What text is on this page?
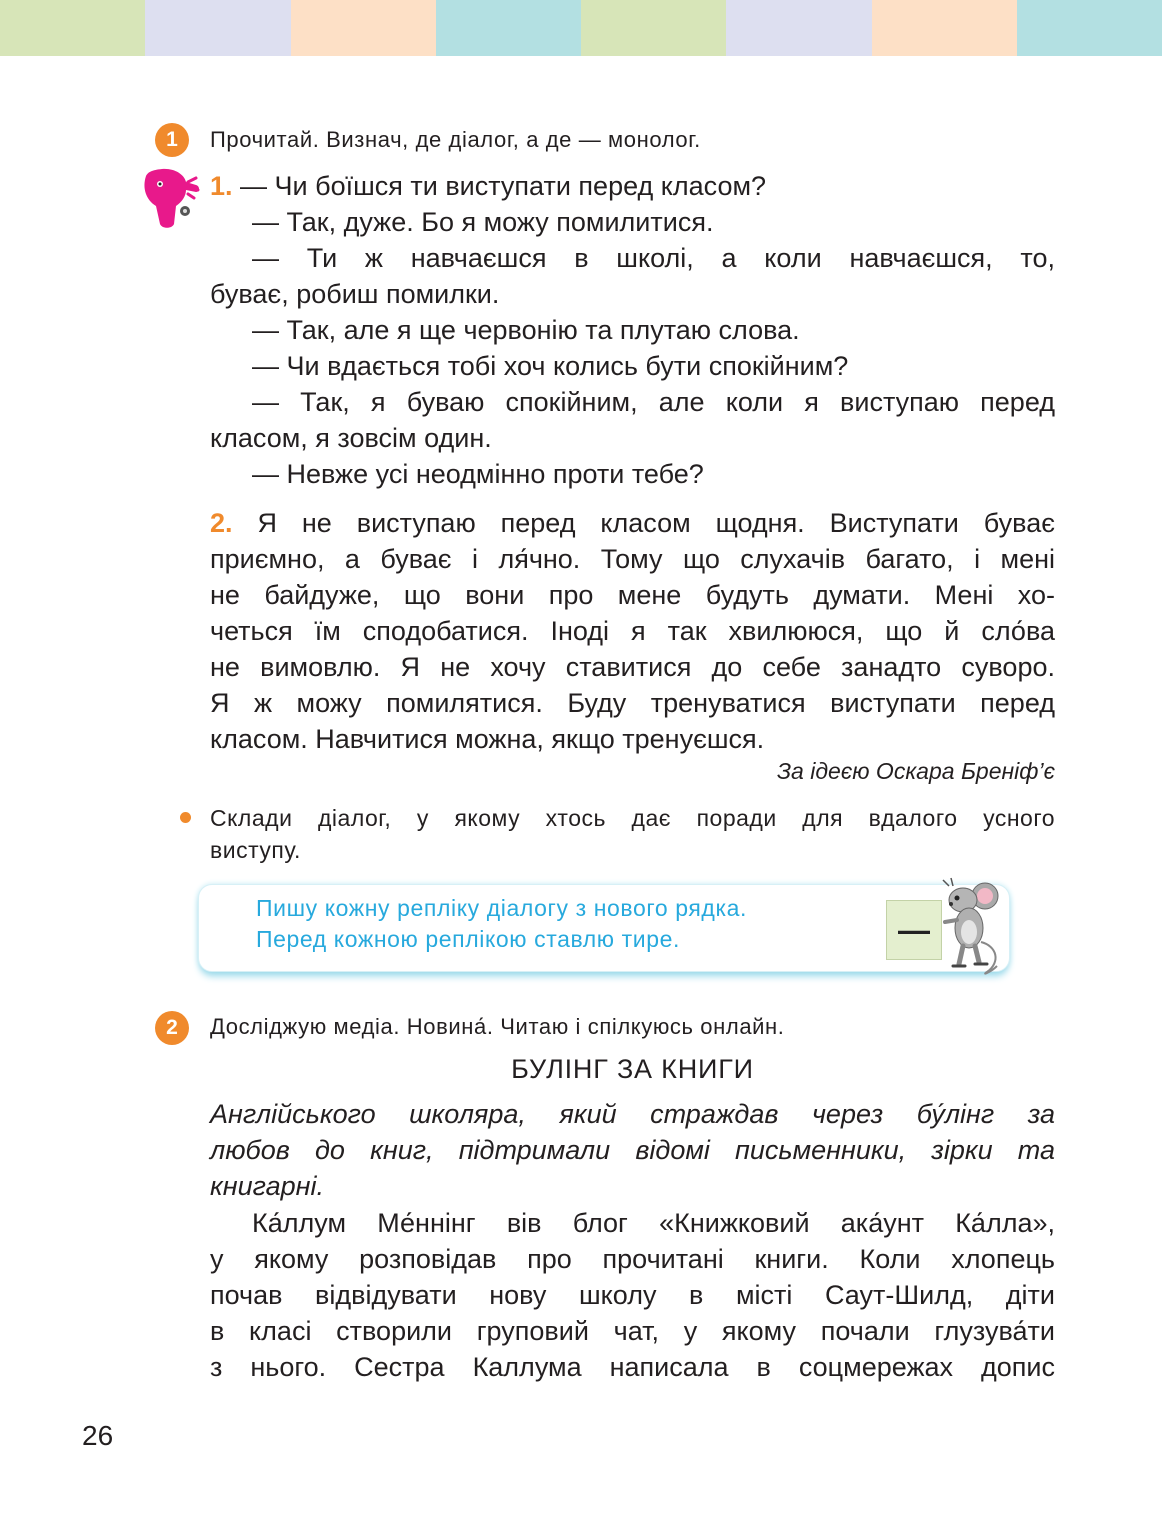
1	Прочитай. Визнач, де діалог, а де — монолог.
1. — Чи боїшся ти виступати перед класом?
— Так, дуже. Бо я можу помилитися.
— Ти ж навчаєшся в школі, а коли навчаєшся, то,
буває, робиш помилки.
— Так, але я ще червонію та плутаю слова.
— Чи вдається тобі хоч колись бути спокійним?
— Так, я буваю спокійним, але коли я виступаю перед
класом, я зовсім один.
— Невже усі неодмінно проти тебе?
2. Я не виступаю перед класом щодня. Виступати буває
приємно, а буває і ля́чно. Тому що слухачів багато, і мені
не байдуже, що вони про мене будуть думати. Мені хо-
четься їм сподобатися. Іноді я так хвилююся, що й сло́ва
не вимовлю. Я не хочу ставитися до себе занадто суворо.
Я ж можу помилятися. Буду тренуватися виступати перед
класом. Навчитися можна, якщо тренуєшся.
За ідеєю Оскара Бреніф’є
Склади діалог, у якому хтось дає поради для вдалого усного
виступу.
Пишу кожну репліку діалогу з нового рядка.
Перед кожною реплікою ставлю тире.	—
2	Досліджую медіа. Новина́. Читаю і спілкуюсь онлайн.
БУЛІНГ ЗА КНИГИ
Англійського школяра, який страждав через бу́лінг за
любов до книг, підтримали відомі письменники, зірки та
книгарні.
Ка́ллум Ме́ннінг вів блог «Книжковий ака́унт Ка́лла»,
у якому розповідав про прочитані книги. Коли хлопець
почав відвідувати нову школу в місті Саут-Шилд, діти
в класі створили груповий чат, у якому почали глузува́ти
з нього. Сестра Каллума написала в соцмережах допис
26
